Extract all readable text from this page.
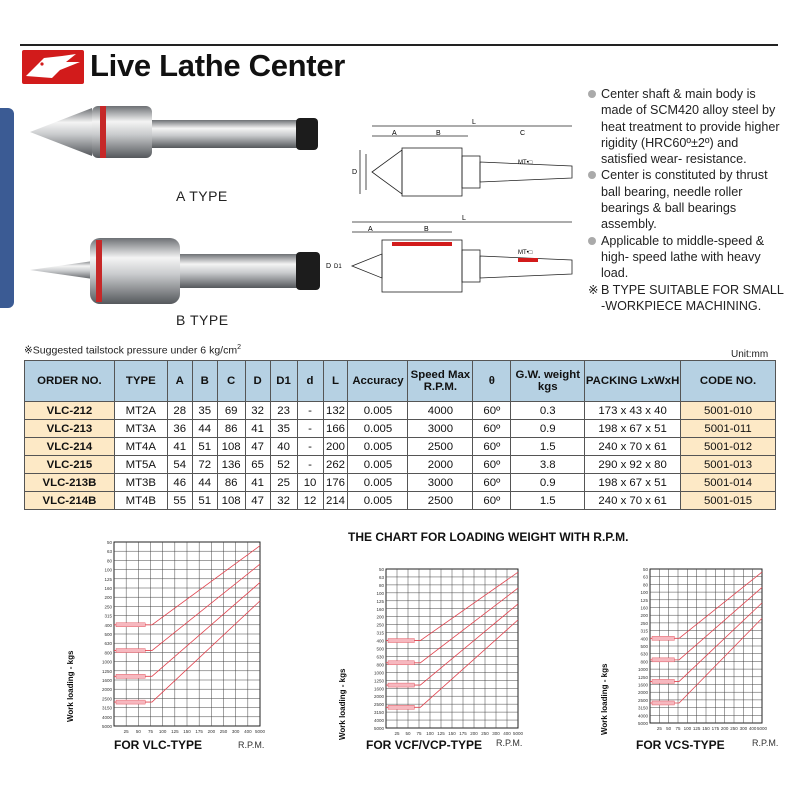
Live Lathe Center
A TYPE
B TYPE
A	B
L
C
D
MT•□
A	B
L
D D1
MT•□
Center shaft & main body is made of SCM420 alloy steel by heat treatment to provide higher rigidity (HRC60º±2º) and satisfied wear- resistance.
Center is constituted by thrust ball bearing, needle roller bearings & ball bearings assembly.
Applicable to middle-speed & high- speed lathe with heavy load.
※ B TYPE SUITABLE FOR SMALL -WORKPIECE MACHINING.
※Suggested tailstock pressure under 6 $kg/cm^2$
Unit:mm
ORDER NO.	TYPE	A	B	C	D	D1	d	L	Accuracy	Speed Max R.P.M.	θ	G.W. weight kgs	PACKING LxWxH	CODE NO.
VLC-212	MT2A	28	35	69	32	23	-	132	0.005	4000	60º	0.3	173 x 43 x 40	5001-010
VLC-213	MT3A	36	44	86	41	35	-	166	0.005	3000	60º	0.9	198 x 67 x 51	5001-011
VLC-214	MT4A	41	51	108	47	40	-	200	0.005	2500	60º	1.5	240 x 70 x 61	5001-012
VLC-215	MT5A	54	72	136	65	52	-	262	0.005	2000	60º	3.8	290 x 92 x 80	5001-013
VLC-213B	MT3B	46	44	86	41	25	10	176	0.005	3000	60º	0.9	198 x 67 x 51	5001-014
VLC-214B	MT4B	55	51	108	47	32	12	214	0.005	2500	60º	1.5	240 x 70 x 61	5001-015
THE CHART FOR LOADING WEIGHT WITH R.P.M.
50
63
80
100
125
160
200
250
315
400
500
630
800
1000
1250
1600
2000
2500
3150
4000
5000
25 50 75 100 125 150 175 200 250 300 400 5000
50
63
80
100
125
160
200
250
315
400
500
630
800
1000
1250
1600
2000
2500
3150
4000
5000
25 50 75 100 125 150 175 200 250 300 400 5000
50
63
80
100
125
160
200
250
315
400
500
630
800
1000
1250
1600
2000
2500
3150
4000
5000
25 50 75 100 125 150 175 200 250 300 400 5000
Work loading - kgs	Work loading - kgs	Work loading - kgs
FOR VLC-TYPE	FOR VCF/VCP-TYPE	FOR VCS-TYPE
R.P.M.	R.P.M.	R.P.M.
